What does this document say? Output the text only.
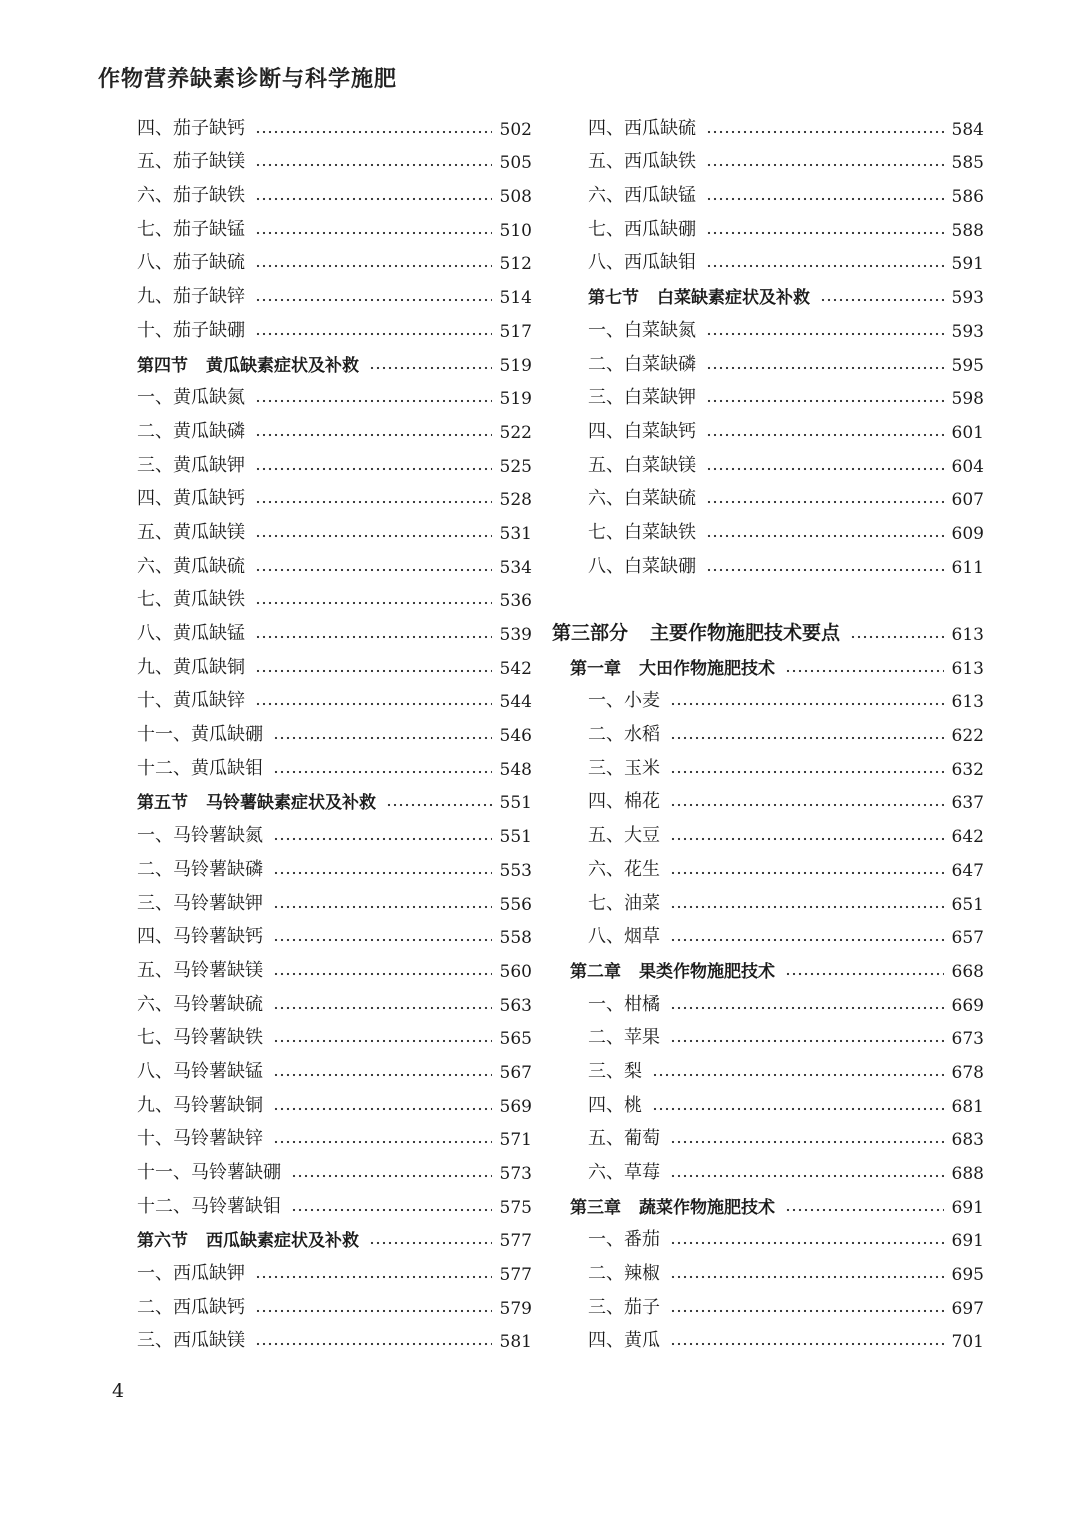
作物营养缺素诊断与科学施肥
四、茄子缺钙	502
五、茄子缺镁	505
六、茄子缺铁	508
七、茄子缺锰	510
八、茄子缺硫	512
九、茄子缺锌	514
十、茄子缺硼	517
第四节 黄瓜缺素症状及补救	519
一、黄瓜缺氮	519
二、黄瓜缺磷	522
三、黄瓜缺钾	525
四、黄瓜缺钙	528
五、黄瓜缺镁	531
六、黄瓜缺硫	534
七、黄瓜缺铁	536
八、黄瓜缺锰	539
九、黄瓜缺铜	542
十、黄瓜缺锌	544
十一、黄瓜缺硼	546
十二、黄瓜缺钼	548
第五节 马铃薯缺素症状及补救	551
一、马铃薯缺氮	551
二、马铃薯缺磷	553
三、马铃薯缺钾	556
四、马铃薯缺钙	558
五、马铃薯缺镁	560
六、马铃薯缺硫	563
七、马铃薯缺铁	565
八、马铃薯缺锰	567
九、马铃薯缺铜	569
十、马铃薯缺锌	571
十一、马铃薯缺硼	573
十二、马铃薯缺钼	575
第六节 西瓜缺素症状及补救	577
一、西瓜缺钾	577
二、西瓜缺钙	579
三、西瓜缺镁	581
四、西瓜缺硫	584
五、西瓜缺铁	585
六、西瓜缺锰	586
七、西瓜缺硼	588
八、西瓜缺钼	591
第七节 白菜缺素症状及补救	593
一、白菜缺氮	593
二、白菜缺磷	595
三、白菜缺钾	598
四、白菜缺钙	601
五、白菜缺镁	604
六、白菜缺硫	607
七、白菜缺铁	609
八、白菜缺硼	611
第三部分 主要作物施肥技术要点	613
第一章 大田作物施肥技术	613
一、小麦	613
二、水稻	622
三、玉米	632
四、棉花	637
五、大豆	642
六、花生	647
七、油菜	651
八、烟草	657
第二章 果类作物施肥技术	668
一、柑橘	669
二、苹果	673
三、梨	678
四、桃	681
五、葡萄	683
六、草莓	688
第三章 蔬菜作物施肥技术	691
一、番茄	691
二、辣椒	695
三、茄子	697
四、黄瓜	701
4
